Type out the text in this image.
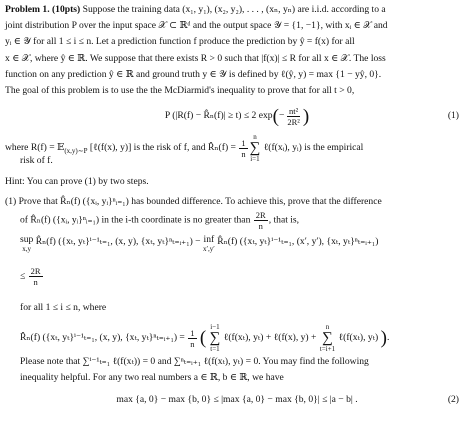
Problem 1. (10pts) Suppose the training data (x₁, y₁), (x₂, y₂), . . . , (xₙ, yₙ) are i.i.d. according to a
joint distribution P over the input space 𝒳 ⊂ ℝᵈ and the output space 𝒴 = {1, −1}, with xᵢ ∈ 𝒳 and
yᵢ ∈ 𝒴 for all 1 ≤ i ≤ n. Let a prediction function f produce the prediction by ŷ = f(x) for all
x ∈ 𝒳, where ŷ ∈ ℝ. We suppose that there exists R > 0 such that |f(x)| ≤ R for all x ∈ 𝒳. The loss
function on any prediction ŷ ∈ ℝ and ground truth y ∈ 𝒴 is defined by ℓ(ŷ, y) = max {1 − yŷ, 0}.
The goal of this problem is to use the the McDiarmid's inequality to prove that for all t > 0,
P (|R(f) − R̂ₙ(f)| ≥ t) ≤ 2 exp ( − $\frac{\text{nt²}}{\text{2R²}}$ )	(1)
where R(f) = 𝔼$_{(x,y)\sim P}$ [ℓ(f(x), y)] is the risk of f, and R̂ₙ(f) = $\frac{1}{n}$
n
∑
i=1
ℓ(f(xᵢ), yᵢ) is the empirical
risk of f.
Hint: You can prove (1) by two steps.
(1) Prove that R̂ₙ(f) ({xᵢ, yᵢ}ⁿᵢ₌₁) has bounded difference. To achieve this, prove that the difference
of R̂ₙ(f) ({xᵢ, yᵢ}ⁿᵢ₌₁) in the i-th coordinate is no greater than $\frac{2R}{n}$ , that is,
sup
x,y
R̂ₙ(f) ({xₜ, yₜ}ⁱ⁻¹ₜ₌₁, (x, y), {xₜ, yₜ}ⁿₜ₌ᵢ₊₁) − inf
x′,y′
R̂ₙ(f) ({xₜ, yₜ}ⁱ⁻¹ₜ₌₁, (x′, y′), {xₜ, yₜ}ⁿₜ₌ᵢ₊₁)
≤ $\frac{2R}{n}$
for all 1 ≤ i ≤ n, where
R̂ₙ(f) ({xₜ, yₜ}ⁱ⁻¹ₜ₌₁, (x, y), {xₜ, yₜ}ⁿₜ₌ᵢ₊₁) = $\frac{1}{n}$ (
i−1
∑
t=1
ℓ(f(xₜ), yₜ) + ℓ(f(x), y) +
n
∑
t=i+1
ℓ(f(xₜ), yₜ) ).
Please note that ∑ⁱ⁻¹ₜ₌₁ ℓ(f(xₜ)) = 0 and ∑ⁿₜ₌ᵢ₊₁ ℓ(f(xₜ), yₜ) = 0. You may find the following
inequality helpful. For any two real numbers a ∈ ℝ, b ∈ ℝ, we have
max {a, 0} − max {b, 0} ≤ |max {a, 0} − max {b, 0}| ≤ |a − b| .	(2)
